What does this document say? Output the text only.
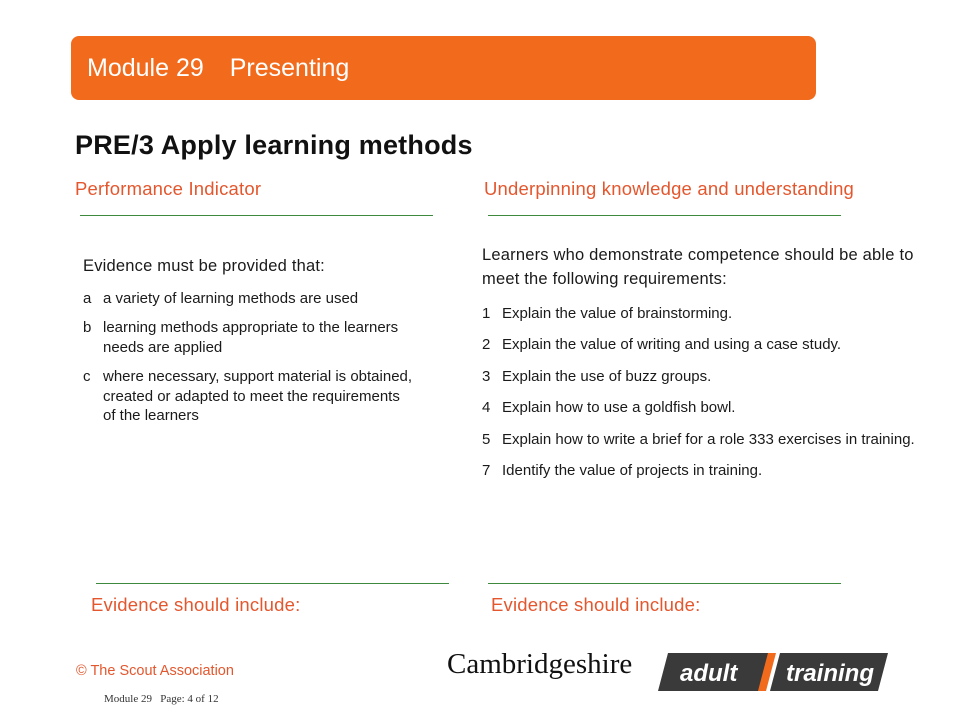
Module 29 Presenting
PRE/3 Apply learning methods
Performance Indicator	Underpinning knowledge and understanding

Evidence must be provided that:

a a variety of learning methods are used
b learning methods appropriate to the learners needs are applied
c where necessary, support material is obtained, created or adapted to meet the requirements of the learners

Learners who demonstrate competence should be able to meet the following requirements:

1 Explain the value of brainstorming.
2 Explain the value of writing and using a case study.
3 Explain the use of buzz groups.
4 Explain how to use a goldfish bowl.
5 Explain how to write a brief for a role 333 exercises in training.
7 Identify the value of projects in training.
Evidence should include:	Evidence should include:
© The Scout Association
Module 29   Page: 4 of 12
Cambridgeshire adult training
